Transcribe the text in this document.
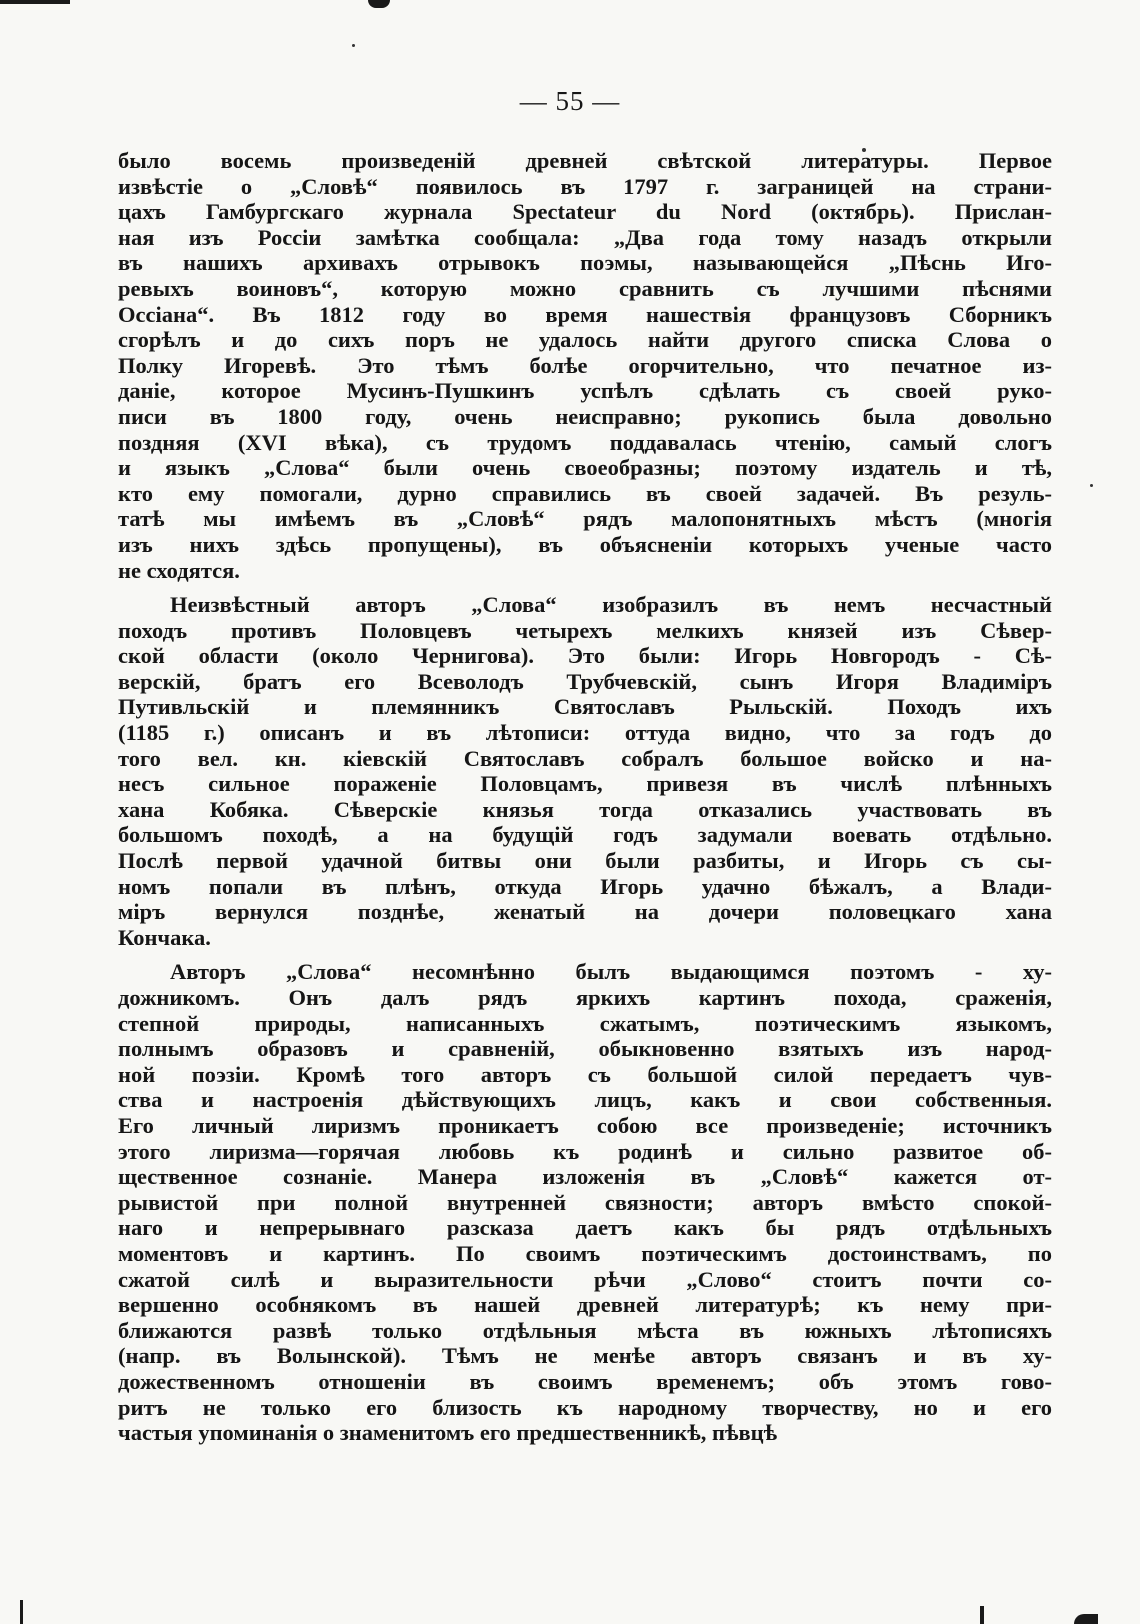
— 55 —

было восемь произведеній древней свѣтской литературы. Первое
извѣстіе о „Словѣ“ появилось въ 1797 г. заграницей на страни-
цахъ Гамбургскаго журнала Spectateur du Nord (октябрь). Прислан-
ная изъ Россіи замѣтка сообщала: „Два года тому назадъ открыли
въ нашихъ архивахъ отрывокъ поэмы, называющейся „Пѣснь Иго-
ревыхъ воиновъ“, которую можно сравнить съ лучшими пѣснями
Оссіана“. Въ 1812 году во время нашествія французовъ Сборникъ
сгорѣлъ и до сихъ поръ не удалось найти другого списка Слова о
Полку Игоревѣ. Это тѣмъ болѣе огорчительно, что печатное из-
даніе, которое Мусинъ-Пушкинъ успѣлъ сдѣлать съ своей руко-
писи въ 1800 году, очень неисправно; рукопись была довольно
поздняя (XVI вѣка), съ трудомъ поддавалась чтенію, самый слогъ
и языкъ „Слова“ были очень своеобразны; поэтому издатель и тѣ,
кто ему помогали, дурно справились въ своей задачей. Въ резуль-
татѣ мы имѣемъ въ „Словѣ“ рядъ малопонятныхъ мѣстъ (многія
изъ нихъ здѣсь пропущены), въ объясненіи которыхъ ученые часто
не сходятся.

Неизвѣстный авторъ „Слова“ изобразилъ въ немъ несчастный
походъ противъ Половцевъ четырехъ мелкихъ князей изъ Сѣвер-
ской области (около Чернигова). Это были: Игорь Новгородъ - Сѣ-
верскій, братъ его Всеволодъ Трубчевскій, сынъ Игоря Владиміръ
Путивльскій и племянникъ Святославъ Рыльскій. Походъ ихъ
(1185 г.) описанъ и въ лѣтописи: оттуда видно, что за годъ до
того вел. кн. кіевскій Святославъ собралъ большое войско и на-
несъ сильное пораженіе Половцамъ, привезя въ числѣ плѣнныхъ
хана Кобяка. Сѣверскіе князья тогда отказались участвовать въ
большомъ походѣ, а на будущій годъ задумали воевать отдѣльно.
Послѣ первой удачной битвы они были разбиты, и Игорь съ сы-
номъ попали въ плѣнъ, откуда Игорь удачно бѣжалъ, а Влади-
міръ вернулся позднѣе, женатый на дочери половецкаго хана
Кончака.

Авторъ „Слова“ несомнѣнно былъ выдающимся поэтомъ - ху-
дожникомъ. Онъ далъ рядъ яркихъ картинъ похода, сраженія,
степной природы, написанныхъ сжатымъ, поэтическимъ языкомъ,
полнымъ образовъ и сравненій, обыкновенно взятыхъ изъ народ-
ной поэзіи. Кромѣ того авторъ съ большой силой передаетъ чув-
ства и настроенія дѣйствующихъ лицъ, какъ и свои собственныя.
Его личный лиризмъ проникаетъ собою все произведеніе; источникъ
этого лиризма—горячая любовь къ родинѣ и сильно развитое об-
щественное сознаніе. Манера изложенія въ „Словѣ“ кажется от-
рывистой при полной внутренней связности; авторъ вмѣсто спокой-
наго и непрерывнаго разсказа даетъ какъ бы рядъ отдѣльныхъ
моментовъ и картинъ. По своимъ поэтическимъ достоинствамъ, по
сжатой силѣ и выразительности рѣчи „Слово“ стоитъ почти со-
вершенно особнякомъ въ нашей древней литературѣ; къ нему при-
ближаются развѣ только отдѣльныя мѣста въ южныхъ лѣтописяхъ
(напр. въ Волынской). Тѣмъ не менѣе авторъ связанъ и въ ху-
дожественномъ отношеніи въ своимъ временемъ; объ этомъ гово-
ритъ не только его близость къ народному творчеству, но и его
частыя упоминанія о знаменитомъ его предшественникѣ, пѣвцѣ
